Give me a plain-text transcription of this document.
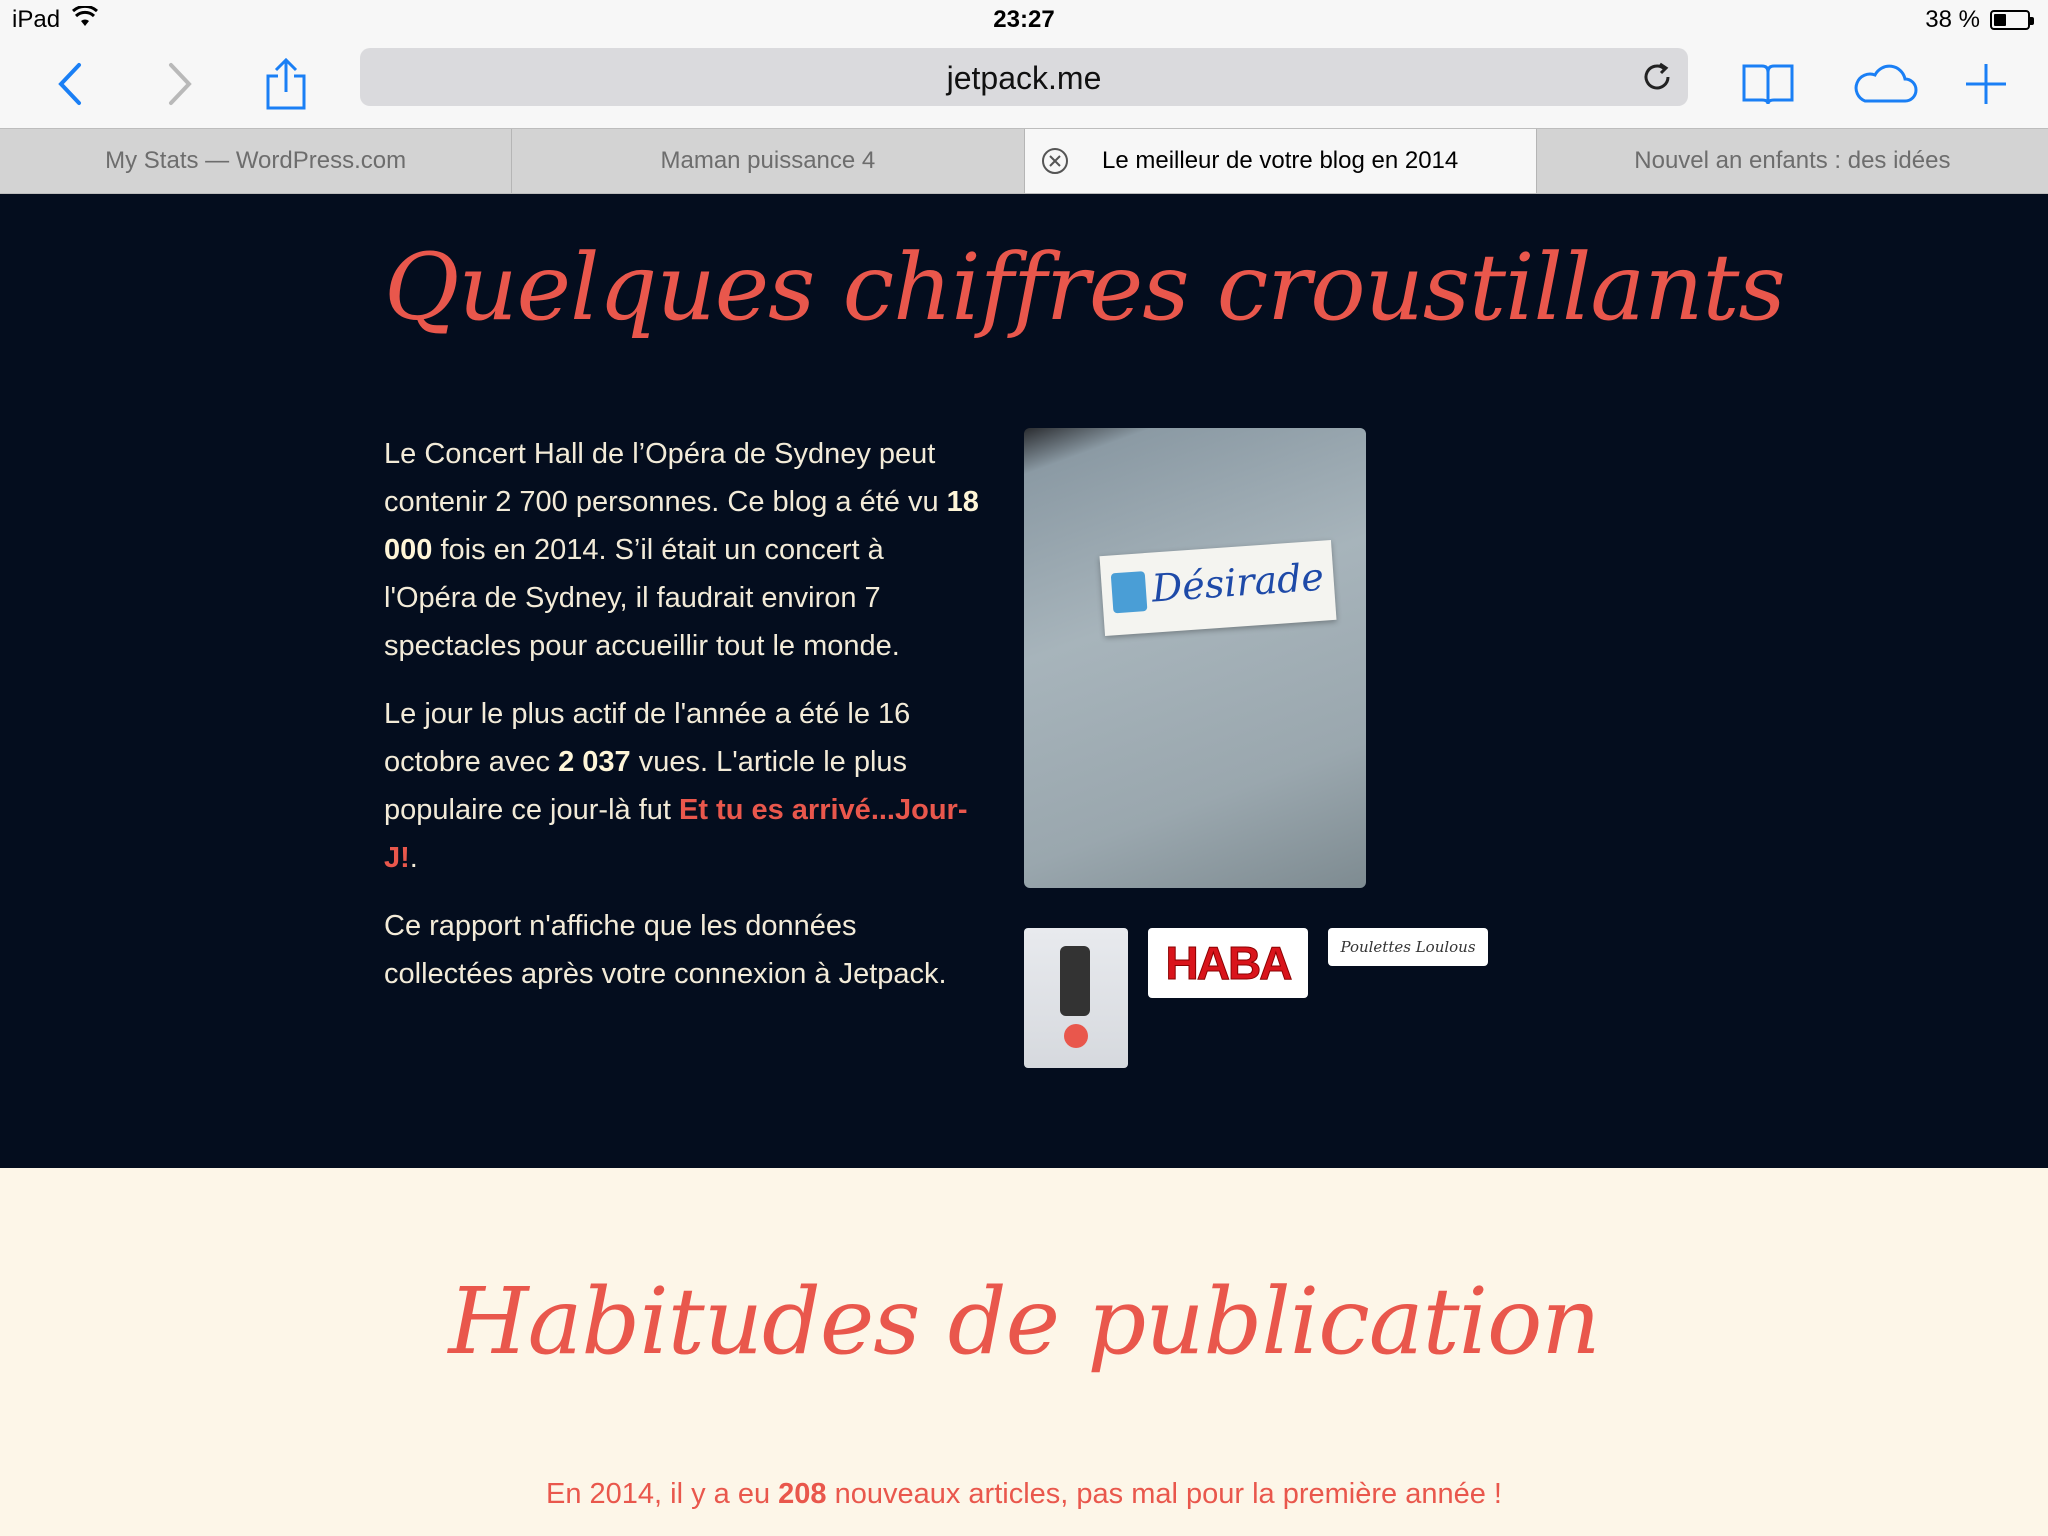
iPad	23:27	38 %
jetpack.me
My Stats — WordPress.com	Maman puissance 4	Le meilleur de votre blog en 2014	Nouvel an enfants : des idées
Quelques chiffres croustillants

Le Concert Hall de l’Opéra de Sydney peut contenir 2 700 personnes. Ce blog a été vu 18 000 fois en 2014. S’il était un concert à l'Opéra de Sydney, il faudrait environ 7 spectacles pour accueillir tout le monde.

Le jour le plus actif de l'année a été le 16 octobre avec 2 037 vues. L'article le plus populaire ce jour-là fut Et tu es arrivé...Jour-J!.

Ce rapport n'affiche que les données collectées après votre connexion à Jetpack.

Désirade
HABA	Poulettes Loulous
Habitudes de publication
En 2014, il y a eu 208 nouveaux articles, pas mal pour la première année !
